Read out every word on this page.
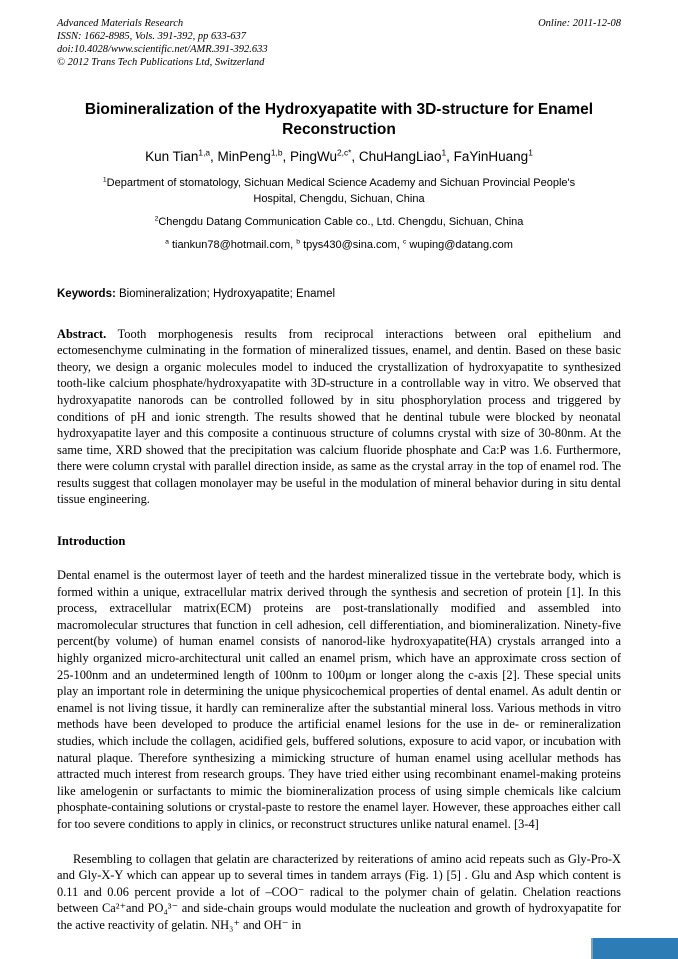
Advanced Materials Research
ISSN: 1662-8985, Vols. 391-392, pp 633-637
doi:10.4028/www.scientific.net/AMR.391-392.633
© 2012 Trans Tech Publications Ltd, Switzerland
Online: 2011-12-08
Biomineralization of the Hydroxyapatite with 3D-structure for Enamel Reconstruction
Kun Tian$^{1,a}$, MinPeng$^{1,b}$, PingWu$^{2,c*}$, ChuHangLiao$^1$, FaYinHuang$^1$
$^1$Department of stomatology, Sichuan Medical Science Academy and Sichuan Provincial People's Hospital, Chengdu, Sichuan, China
$^2$Chengdu Datang Communication Cable co., Ltd. Chengdu, Sichuan, China
$^a$ tiankun78@hotmail.com, $^b$ tpys430@sina.com, $^c$ wuping@datang.com

Keywords: Biomineralization; Hydroxyapatite; Enamel

Abstract. Tooth morphogenesis results from reciprocal interactions between oral epithelium and ectomesenchyme culminating in the formation of mineralized tissues, enamel, and dentin. Based on these basic theory, we design a organic molecules model to induced the crystallization of hydroxyapatite to synthesized tooth-like calcium phosphate/hydroxyapatite with 3D-structure in a controllable way in vitro. We observed that hydroxyapatite nanorods can be controlled followed by in situ phosphorylation process and triggered by conditions of pH and ionic strength. The results showed that he dentinal tubule were blocked by neonatal hydroxyapatite layer and this composite a continuous structure of columns crystal with size of 30-80nm. At the same time, XRD showed that the precipitation was calcium fluoride phosphate and Ca:P was 1.6. Furthermore, there were column crystal with parallel direction inside, as same as the crystal array in the top of enamel rod. The results suggest that collagen monolayer may be useful in the modulation of mineral behavior during in situ dental tissue engineering.

Introduction

Dental enamel is the outermost layer of teeth and the hardest mineralized tissue in the vertebrate body, which is formed within a unique, extracellular matrix derived through the synthesis and secretion of protein [1]. In this process, extracellular matrix(ECM) proteins are post-translationally modified and assembled into macromolecular structures that function in cell adhesion, cell differentiation, and biomineralization. Ninety-five percent(by volume) of human enamel consists of nanorod-like hydroxyapatite(HA) crystals arranged into a highly organized micro-architectural unit called an enamel prism, which have an approximate cross section of 25-100nm and an undetermined length of 100nm to 100μm or longer along the c-axis [2]. These special units play an important role in determining the unique physicochemical properties of dental enamel. As adult dentin or enamel is not living tissue, it hardly can remineralize after the substantial mineral loss. Various methods in vitro methods have been developed to produce the artificial enamel lesions for the use in de- or remineralization studies, which include the collagen, acidified gels, buffered solutions, exposure to acid vapor, or incubation with natural plaque. Therefore synthesizing a mimicking structure of human enamel using acellular methods has attracted much interest from research groups. They have tried either using recombinant enamel-making proteins like amelogenin or surfactants to mimic the biomineralization process of using simple chemicals like calcium phosphate-containing solutions or crystal-paste to restore the enamel layer. However, these approaches either call for too severe conditions to apply in clinics, or reconstruct structures unlike natural enamel. [3-4]

Resembling to collagen that gelatin are characterized by reiterations of amino acid repeats such as Gly-Pro-X and Gly-X-Y which can appear up to several times in tandem arrays (Fig. 1) [5] . Glu and Asp which content is 0.11 and 0.06 percent provide a lot of –COO⁻ radical to the polymer chain of gelatin. Chelation reactions between Ca²⁺and PO₄³⁻ and side-chain groups would modulate the nucleation and growth of hydroxyapatite for the active reactivity of gelatin. NH₃⁺ and OH⁻ in
